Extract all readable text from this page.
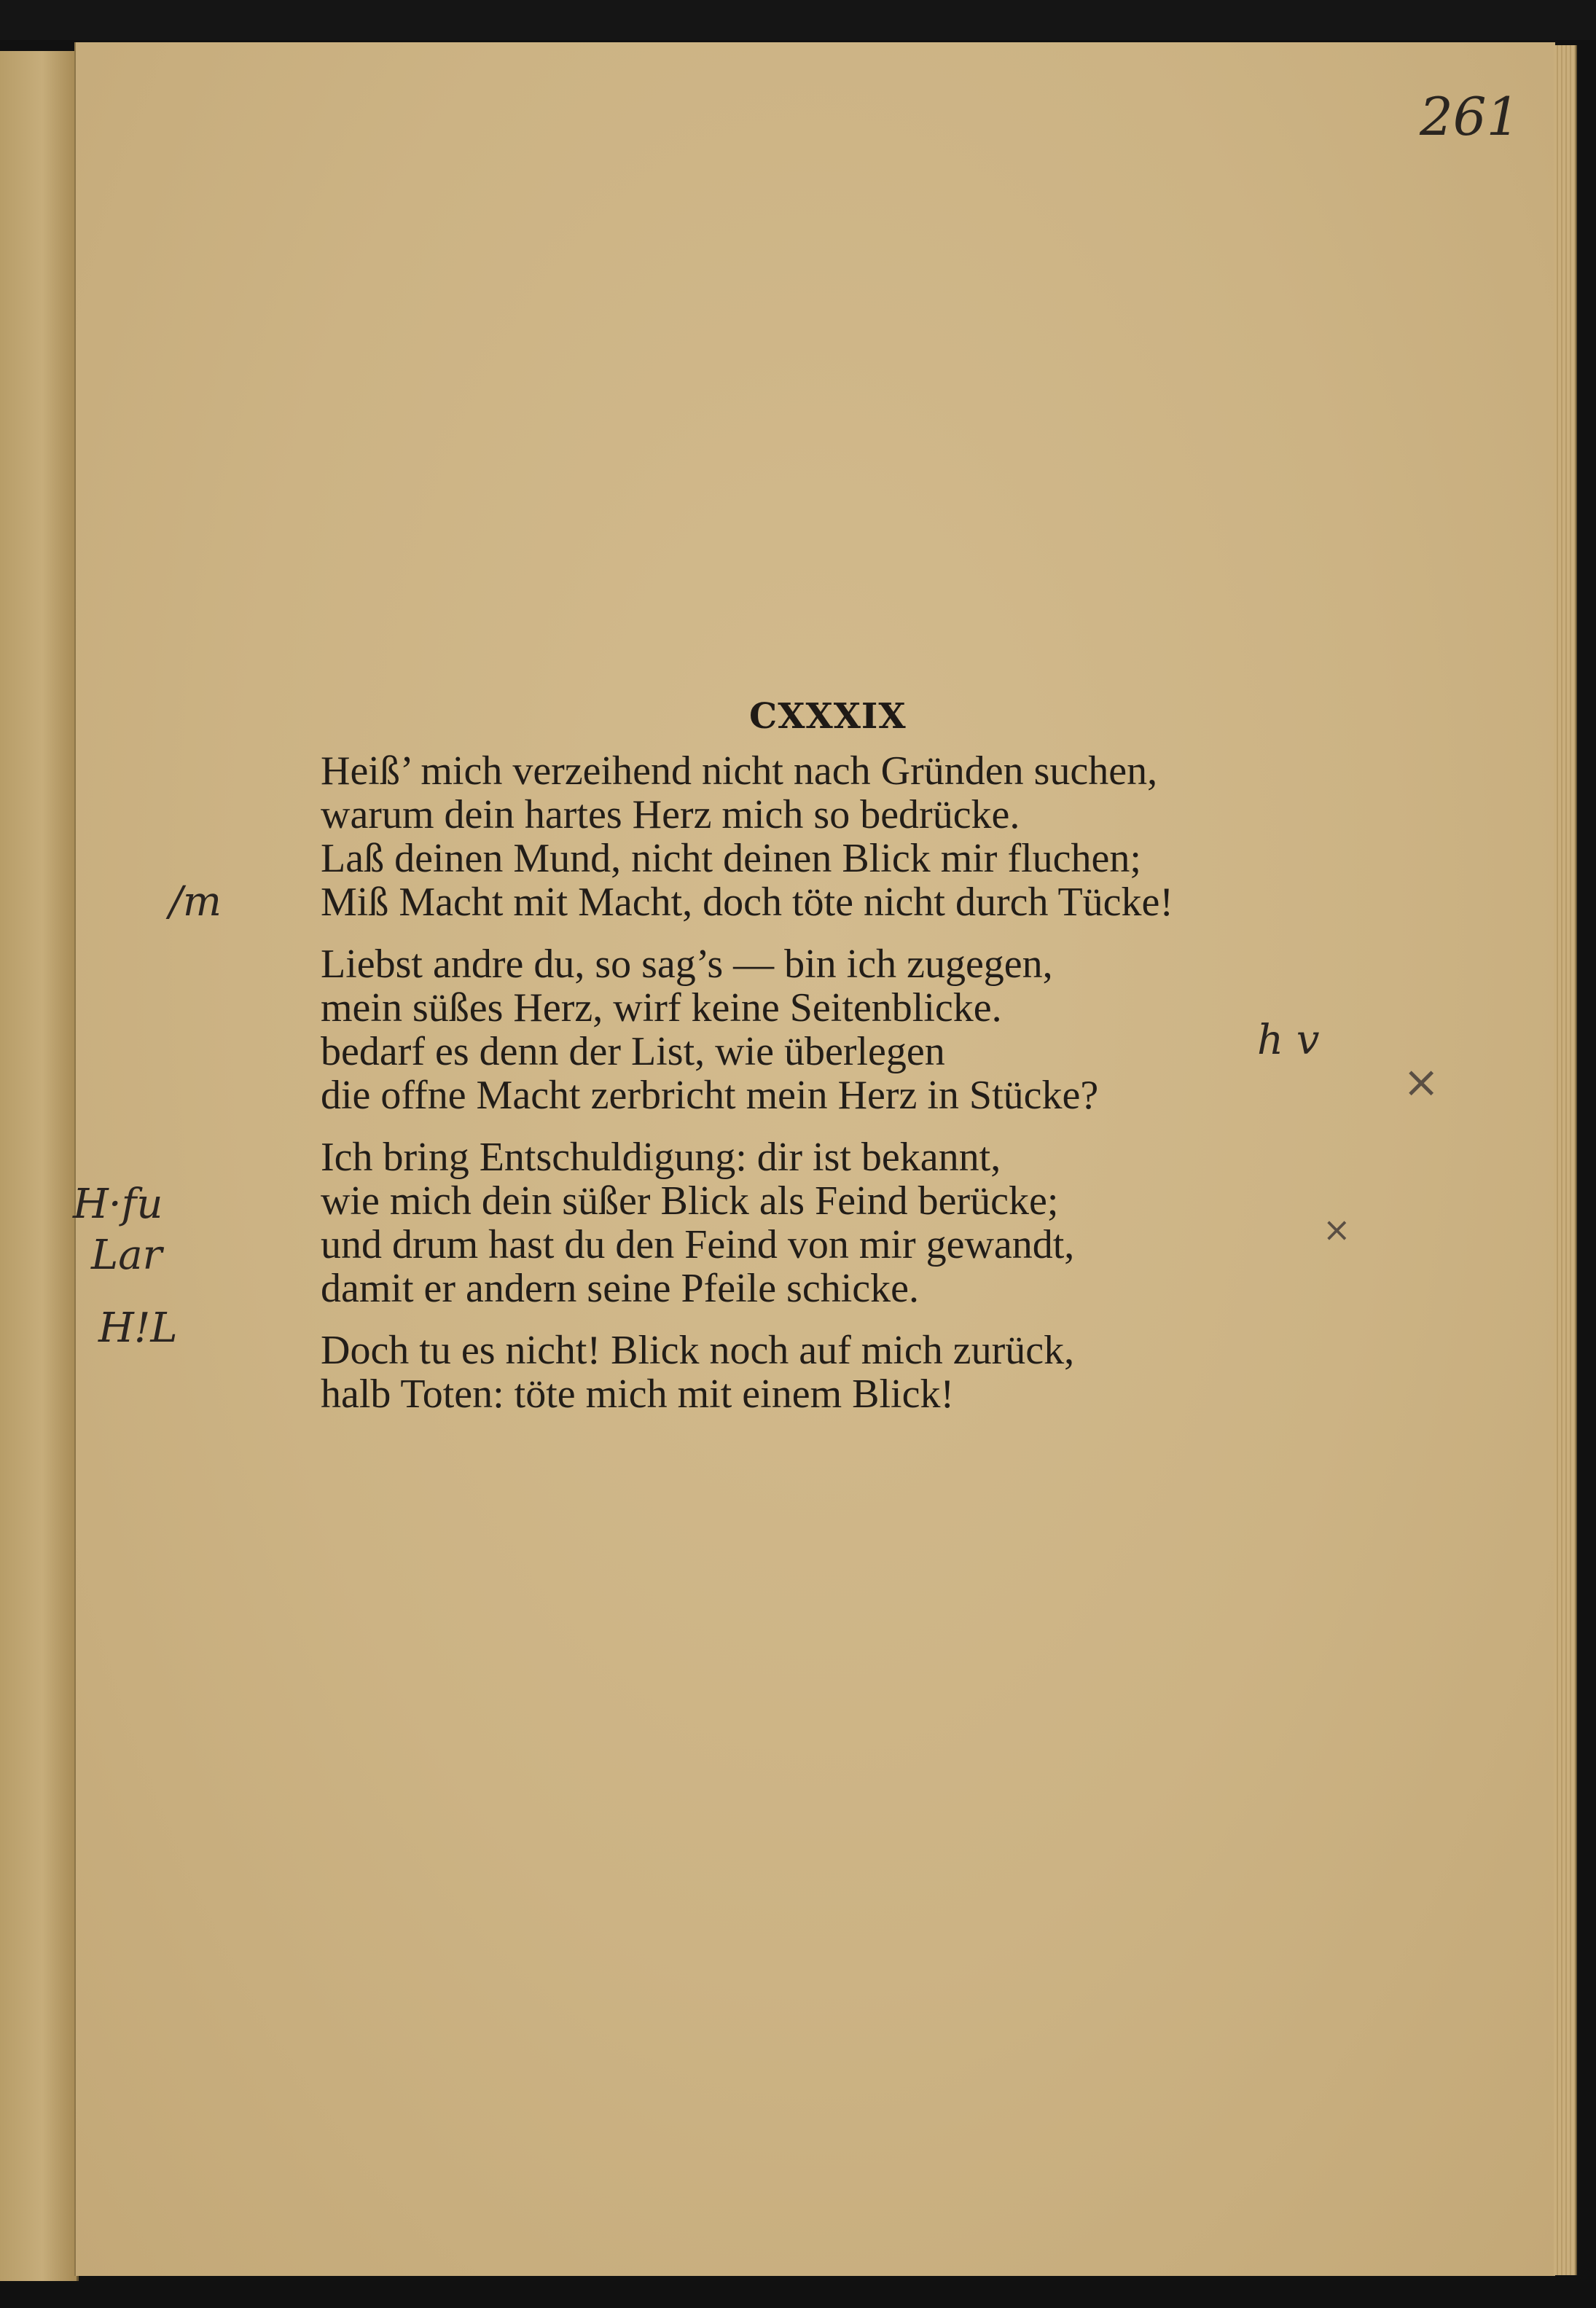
261
CXXXIX
Heiß’ mich verzeihend nicht nach Gründen suchen,
warum dein hartes Herz mich so bedrücke.
Laß deinen Mund, nicht deinen Blick mir fluchen;
Miß Macht mit Macht, doch töte nicht durch Tücke!
Liebst andre du, so sag’s — bin ich zugegen,
mein süßes Herz, wirf keine Seitenblicke.
bedarf es denn der List, wie überlegen
die offne Macht zerbricht mein Herz in Stücke?
Ich bring Entschuldigung: dir ist bekannt,
wie mich dein süßer Blick als Feind berücke;
und drum hast du den Feind von mir gewandt,
damit er andern seine Pfeile schicke.
Doch tu es nicht! Blick noch auf mich zurück,
halb Toten: töte mich mit einem Blick!
/m
H·fu
Lar
H!L
h v
×
×
